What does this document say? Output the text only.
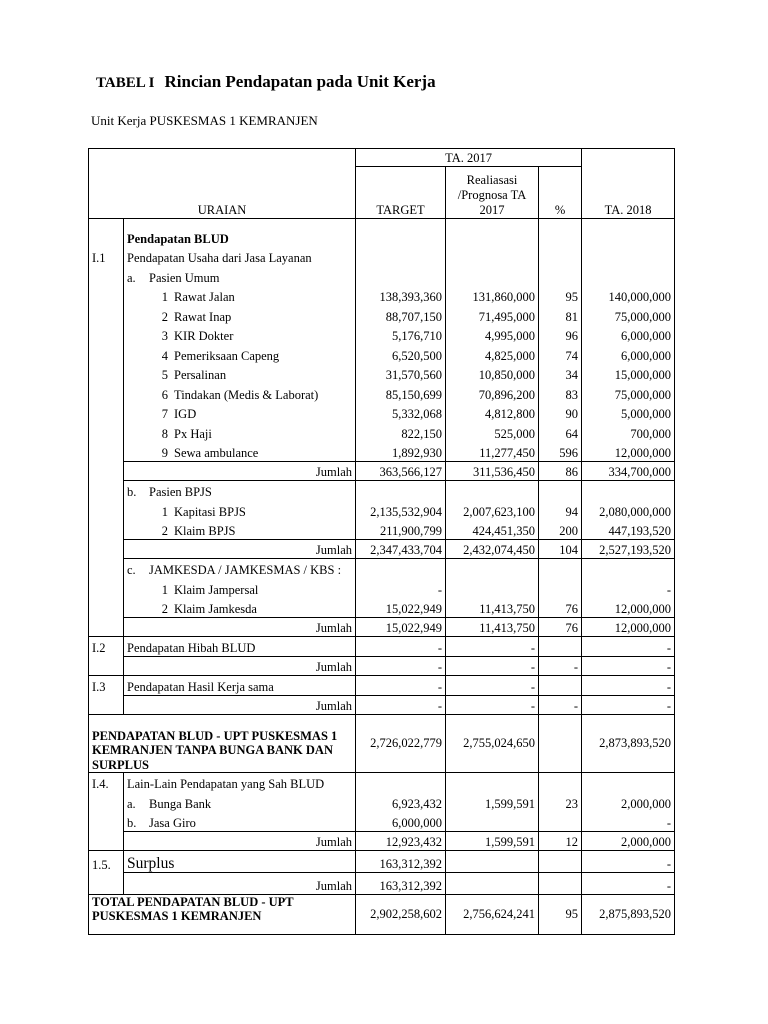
TABEL I Rincian Pendapatan pada Unit Kerja
Unit Kerja PUSKESMAS 1 KEMRANJEN
URAIAN		TA. 2017			TA. 2018
		TARGET	Realiasasi /Prognosa TA 2017	%	

	Pendapatan BLUD				
I.1	Pendapatan Usaha dari Jasa Layanan				
	a. Pasien Umum				
	1 Rawat Jalan	138,393,360	131,860,000	95	140,000,000
	2 Rawat Inap	88,707,150	71,495,000	81	75,000,000
	3 KIR Dokter	5,176,710	4,995,000	96	6,000,000
	4 Pemeriksaan Capeng	6,520,500	4,825,000	74	6,000,000
	5 Persalinan	31,570,560	10,850,000	34	15,000,000
	6 Tindakan (Medis & Laborat)	85,150,699	70,896,200	83	75,000,000
	7 IGD	5,332,068	4,812,800	90	5,000,000
	8 Px Haji	822,150	525,000	64	700,000
	9 Sewa ambulance	1,892,930	11,277,450	596	12,000,000
	Jumlah	363,566,127	311,536,450	86	334,700,000
	b. Pasien BPJS				
	1 Kapitasi BPJS	2,135,532,904	2,007,623,100	94	2,080,000,000
	2 Klaim BPJS	211,900,799	424,451,350	200	447,193,520
	Jumlah	2,347,433,704	2,432,074,450	104	2,527,193,520
	c. JAMKESDA / JAMKESMAS / KBS :				
	1 Klaim Jampersal	-			-
	2 Klaim Jamkesda	15,022,949	11,413,750	76	12,000,000
	Jumlah	15,022,949	11,413,750	76	12,000,000
I.2	Pendapatan Hibah BLUD	-	-		-
	Jumlah	-	-	-	-
I.3	Pendapatan Hasil Kerja sama	-	-		-
	Jumlah	-	-	-	-
PENDAPATAN BLUD - UPT PUSKESMAS 1 KEMRANJEN TANPA BUNGA BANK DAN SURPLUS		2,726,022,779	2,755,024,650		2,873,893,520
I.4.	Lain-Lain Pendapatan yang Sah BLUD				
	a. Bunga Bank	6,923,432	1,599,591	23	2,000,000
	b. Jasa Giro	6,000,000			-
	Jumlah	12,923,432	1,599,591	12	2,000,000
1.5.	Surplus	163,312,392			-
	Jumlah	163,312,392			-
TOTAL PENDAPATAN BLUD - UPT PUSKESMAS 1 KEMRANJEN		2,902,258,602	2,756,624,241	95	2,875,893,520
